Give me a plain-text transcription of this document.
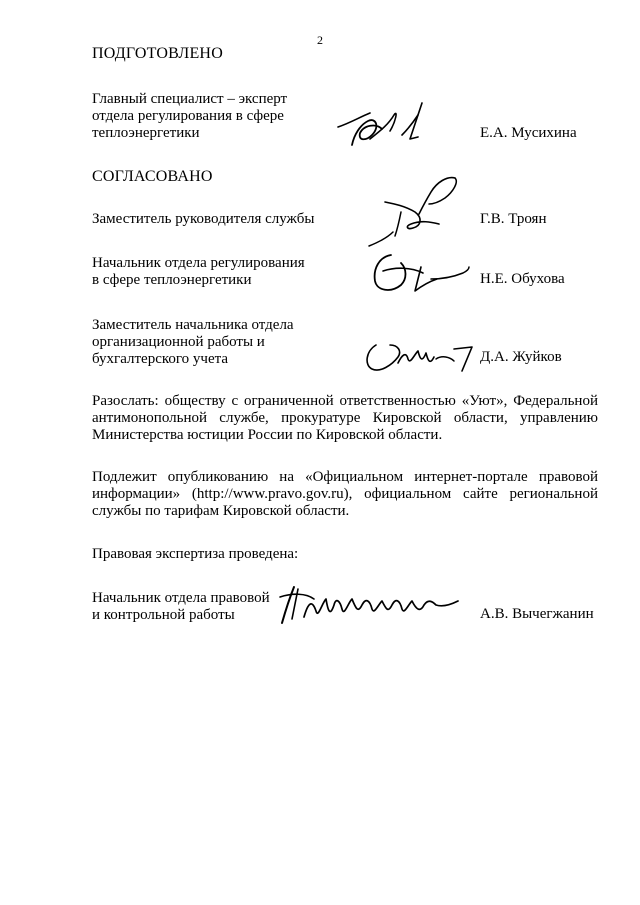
2
ПОДГОТОВЛЕНО
Главный специалист – эксперт
отдела регулирования в сфере
теплоэнергетики	Е.А. Мусихина
СОГЛАСОВАНО
Заместитель руководителя службы	Г.В. Троян
Начальник отдела регулирования
в сфере теплоэнергетики	Н.Е. Обухова
Заместитель начальника отдела
организационной работы и
бухгалтерского учета	Д.А. Жуйков
Разослать: обществу с ограниченной ответственностью «Уют», Федеральной антимонопольной службе, прокуратуре Кировской области, управлению Министерства юстиции России по Кировской области.
Подлежит опубликованию на «Официальном интернет-портале правовой информации» (http://www.pravo.gov.ru), официальном сайте региональной службы по тарифам Кировской области.
Правовая экспертиза проведена:
Начальник отдела правовой
и контрольной работы	А.В. Вычегжанин
